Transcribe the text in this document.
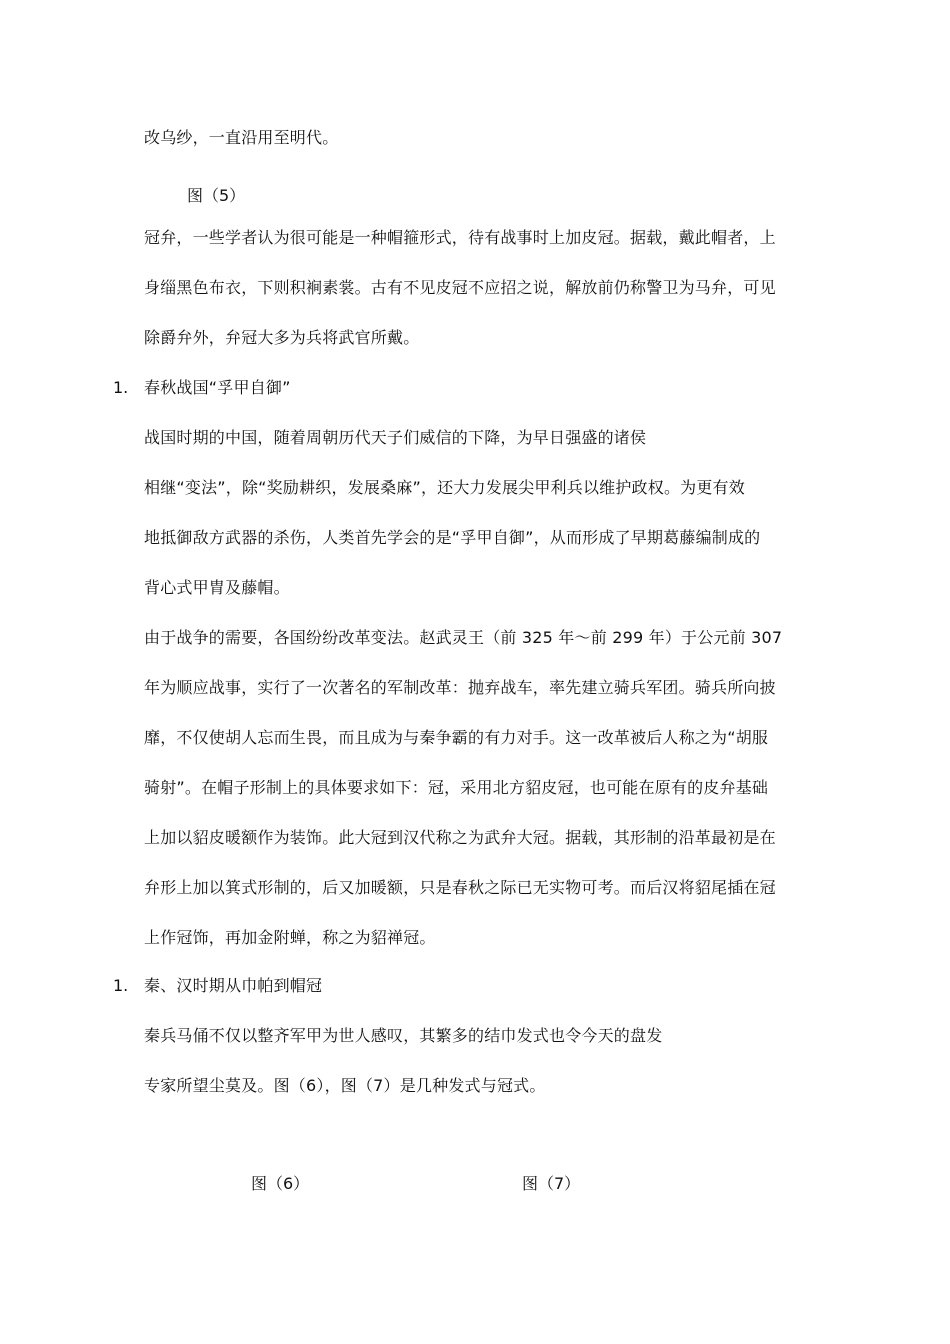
改乌纱，一直沿用至明代。
图（5）
冠弁，一些学者认为很可能是一种帽箍形式，待有战事时上加皮冠。据载，戴此帽者，上
身缁黑色布衣，下则积裥素裳。古有不见皮冠不应招之说，解放前仍称警卫为马弁，可见
除爵弁外，弁冠大多为兵将武官所戴。
1. 春秋战国“孚甲自御”
战国时期的中国，随着周朝历代天子们威信的下降，为早日强盛的诸侯
相继“变法”，除“奖励耕织，发展桑麻”，还大力发展尖甲利兵以维护政权。为更有效
地抵御敌方武器的杀伤，人类首先学会的是“孚甲自御”，从而形成了早期葛藤编制成的
背心式甲胄及藤帽。
由于战争的需要，各国纷纷改革变法。赵武灵王（前 325 年～前 299 年）于公元前 307
年为顺应战事，实行了一次著名的军制改革：抛弃战车，率先建立骑兵军团。骑兵所向披
靡，不仅使胡人忘而生畏，而且成为与秦争霸的有力对手。这一改革被后人称之为“胡服
骑射”。在帽子形制上的具体要求如下：冠，采用北方貂皮冠，也可能在原有的皮弁基础
上加以貂皮暖额作为装饰。此大冠到汉代称之为武弁大冠。据载，其形制的沿革最初是在
弁形上加以箕式形制的，后又加暖额，只是春秋之际已无实物可考。而后汉将貂尾插在冠
上作冠饰，再加金附蝉，称之为貂禅冠。
1. 秦、汉时期从巾帕到帽冠
秦兵马俑不仅以整齐军甲为世人感叹，其繁多的结巾发式也令今天的盘发
专家所望尘莫及。图（6），图（7）是几种发式与冠式。
图（6）	图（7）
